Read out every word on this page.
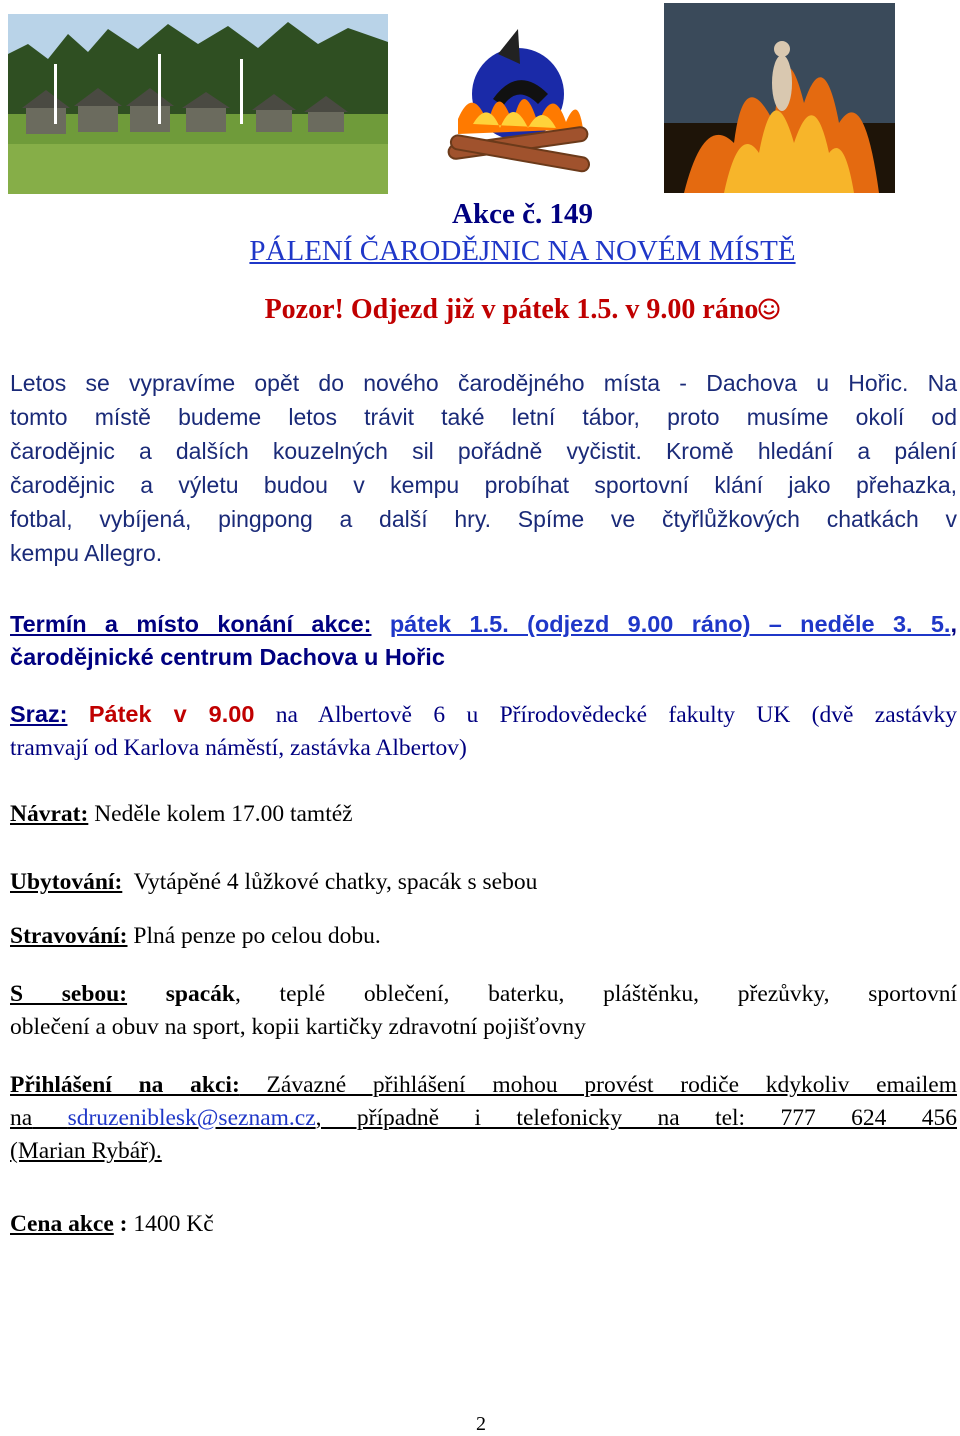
Akce č. 149
PÁLENÍ ČARODĚJNIC NA NOVÉM MÍSTĚ
Pozor! Odjezd již v pátek 1.5. v 9.00 ráno
Letos se vypravíme opět do nového čarodějného místa - Dachova u Hořic. Na
tomto místě budeme letos trávit také letní tábor, proto musíme okolí od
čarodějnic a dalších kouzelných sil pořádně vyčistit. Kromě hledání a pálení
čarodějnic a výletu budou v kempu probíhat sportovní klání jako přehazka,
fotbal, vybíjená, pingpong a další hry. Spíme ve čtyřlůžkových chatkách v
kempu Allegro.
Termín a místo konání akce: pátek 1.5. (odjezd 9.00 ráno) – neděle 3. 5.,
čarodějnické centrum Dachova u Hořic
Sraz: Pátek v 9.00 na Albertově 6 u Přírodovědecké fakulty UK (dvě zastávky
tramvají od Karlova náměstí, zastávka Albertov)
Návrat: Neděle kolem 17.00 tamtéž
Ubytování:  Vytápěné 4 lůžkové chatky, spacák s sebou
Stravování: Plná penze po celou dobu.
S sebou: spacák, teplé oblečení, baterku, pláštěnku, přezůvky, sportovní
oblečení a obuv na sport, kopii kartičky zdravotní pojišťovny
Přihlášení na akci: Závazné přihlášení mohou provést rodiče kdykoliv emailem
na sdruzeniblesk@seznam.cz, případně i telefonicky na tel: 777 624 456
(Marian Rybář).
Cena akce : 1400 Kč
2
